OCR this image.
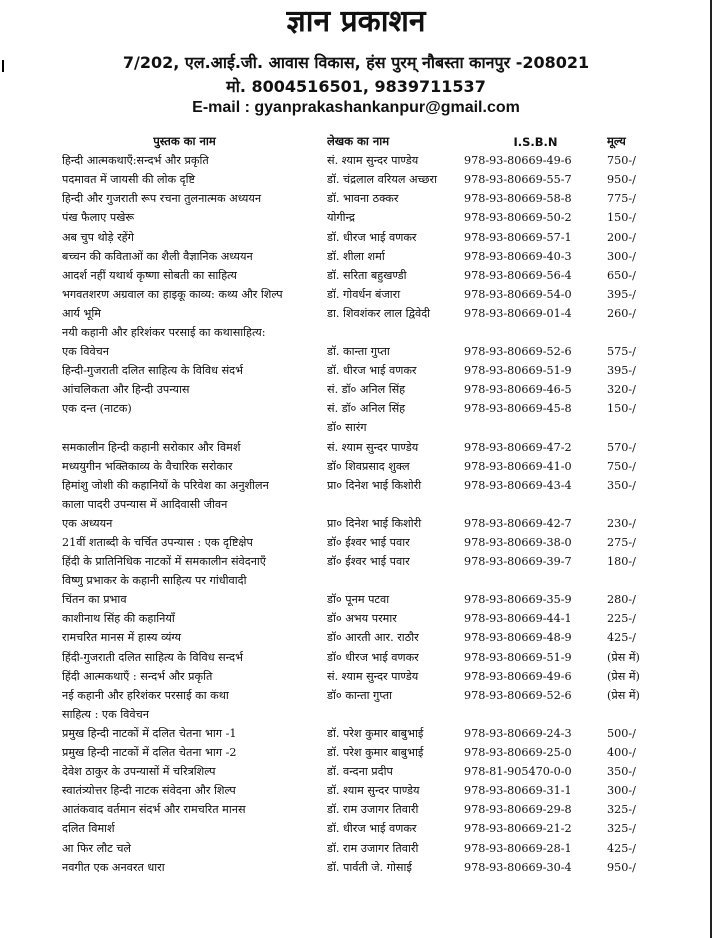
ज्ञान प्रकाशन
7/202, एल.आई.जी. आवास विकास, हंस पुरम् नौबस्ता कानपुर -208021
मो. 8004516501, 9839711537
E-mail : gyanprakashankanpur@gmail.com
पुस्तक का नाम	लेखक का नाम	I.S.B.N	मूल्य
हिन्दी आत्मकथाएँ:सन्दर्भ और प्रकृति	सं. श्याम सुन्दर पाण्डेय	978-93-80669-49-6	750-/
पदमावत में जायसी की लोक दृष्टि	डॉ. चंद्रलाल वरियल अच्छरा	978-93-80669-55-7	950-/
हिन्दी और गुजराती रूप रचना तुलनात्मक अध्ययन	डॉ. भावना ठक्कर	978-93-80669-58-8	775-/
पंख फैलाए पखेरू	योगीन्द्र	978-93-80669-50-2	150-/
अब चुप थोड़े रहेंगे	डॉ. धीरज भाई वणकर	978-93-80669-57-1	200-/
बच्चन की कविताओं का शैली वैज्ञानिक अध्ययन	डॉ. शीला शर्मा	978-93-80669-40-3	300-/
आदर्श नहीं यथार्थ कृष्णा सोबती का साहित्य	डॉ. सरिता बहुखण्डी	978-93-80669-56-4	650-/
भगवतशरण अग्रवाल का हाइकू काव्य: कथ्य और शिल्प	डॉ. गोवर्धन बंजारा	978-93-80669-54-0	395-/
आर्य भूमि	डा. शिवशंकर लाल द्विवेदी	978-93-80669-01-4	260-/
नयी कहानी और हरिशंकर परसाई का कथासाहित्य:
एक विवेचन	डॉ. कान्ता गुप्ता	978-93-80669-52-6	575-/
हिन्दी-गुजराती दलित साहित्य के विविध संदर्भ	डॉ. धीरज भाई वणकर	978-93-80669-51-9	395-/
आंचलिकता और हिन्दी उपन्यास	सं. डॉ० अनिल सिंह	978-93-80669-46-5	320-/
एक दन्त (नाटक)	सं. डॉ० अनिल सिंह	978-93-80669-45-8	150-/
डॉ० सारंग
समकालीन हिन्दी कहानी सरोकार और विमर्श	सं. श्याम सुन्दर पाण्डेय	978-93-80669-47-2	570-/
मध्ययुगीन भक्तिकाव्य के वैचारिक सरोकार	डॉ० शिवप्रसाद शुक्ल	978-93-80669-41-0	750-/
हिमांशु जोशी की कहानियों के परिवेश का अनुशीलन	प्रा० दिनेश भाई किशोरी	978-93-80669-43-4	350-/
काला पादरी उपन्यास में आदिवासी जीवन
एक अध्ययन	प्रा० दिनेश भाई किशोरी	978-93-80669-42-7	230-/
21वीं शताब्दी के चर्चित उपन्यास : एक दृष्टिक्षेप	डॉ० ईश्वर भाई पवार	978-93-80669-38-0	275-/
हिंदी के प्रातिनिधिक नाटकों में समकालीन संवेदनाएँ	डॉ० ईश्वर भाई पवार	978-93-80669-39-7	180-/
विष्णु प्रभाकर के कहानी साहित्य पर गांधीवादी
चिंतन का प्रभाव	डॉ० पूनम पटवा	978-93-80669-35-9	280-/
काशीनाथ सिंह की कहानियाँ	डॉ० अभय परमार	978-93-80669-44-1	225-/
रामचरित मानस में हास्य व्यंग्य	डॉ० आरती आर. राठौर	978-93-80669-48-9	425-/
हिंदी-गुजराती दलित साहित्य के विविध सन्दर्भ	डॉ० धीरज भाई वणकर	978-93-80669-51-9	(प्रेस में)
हिंदी आत्मकथाएँ : सन्दर्भ और प्रकृति	सं. श्याम सुन्दर पाण्डेय	978-93-80669-49-6	(प्रेस में)
नई कहानी और हरिशंकर परसाई का कथा	डॉ० कान्ता गुप्ता	978-93-80669-52-6	(प्रेस में)
साहित्य : एक विवेचन
प्रमुख हिन्दी नाटकों में दलित चेतना भाग -1	डॉ. परेश कुमार बाबुभाई	978-93-80669-24-3	500-/
प्रमुख हिन्दी नाटकों में दलित चेतना भाग -2	डॉ. परेश कुमार बाबुभाई	978-93-80669-25-0	400-/
देवेश ठाकुर के उपन्यासों में चरित्रशिल्प	डॉ. वन्दना प्रदीप	978-81-905470-0-0	350-/
स्वातंत्र्योत्तर हिन्दी नाटक संवेदना और शिल्प	डॉ. श्याम सुन्दर पाण्डेय	978-93-80669-31-1	300-/
आतंकवाद वर्तमान संदर्भ और रामचरित मानस	डॉ. राम उजागर तिवारी	978-93-80669-29-8	325-/
दलित विमार्श	डॉ. धीरज भाई वणकर	978-93-80669-21-2	325-/
आ फिर लौट चले	डॉ. राम उजागर तिवारी	978-93-80669-28-1	425-/
नवगीत एक अनवरत धारा	डॉ. पार्वती जे. गोसाई	978-93-80669-30-4	950-/
